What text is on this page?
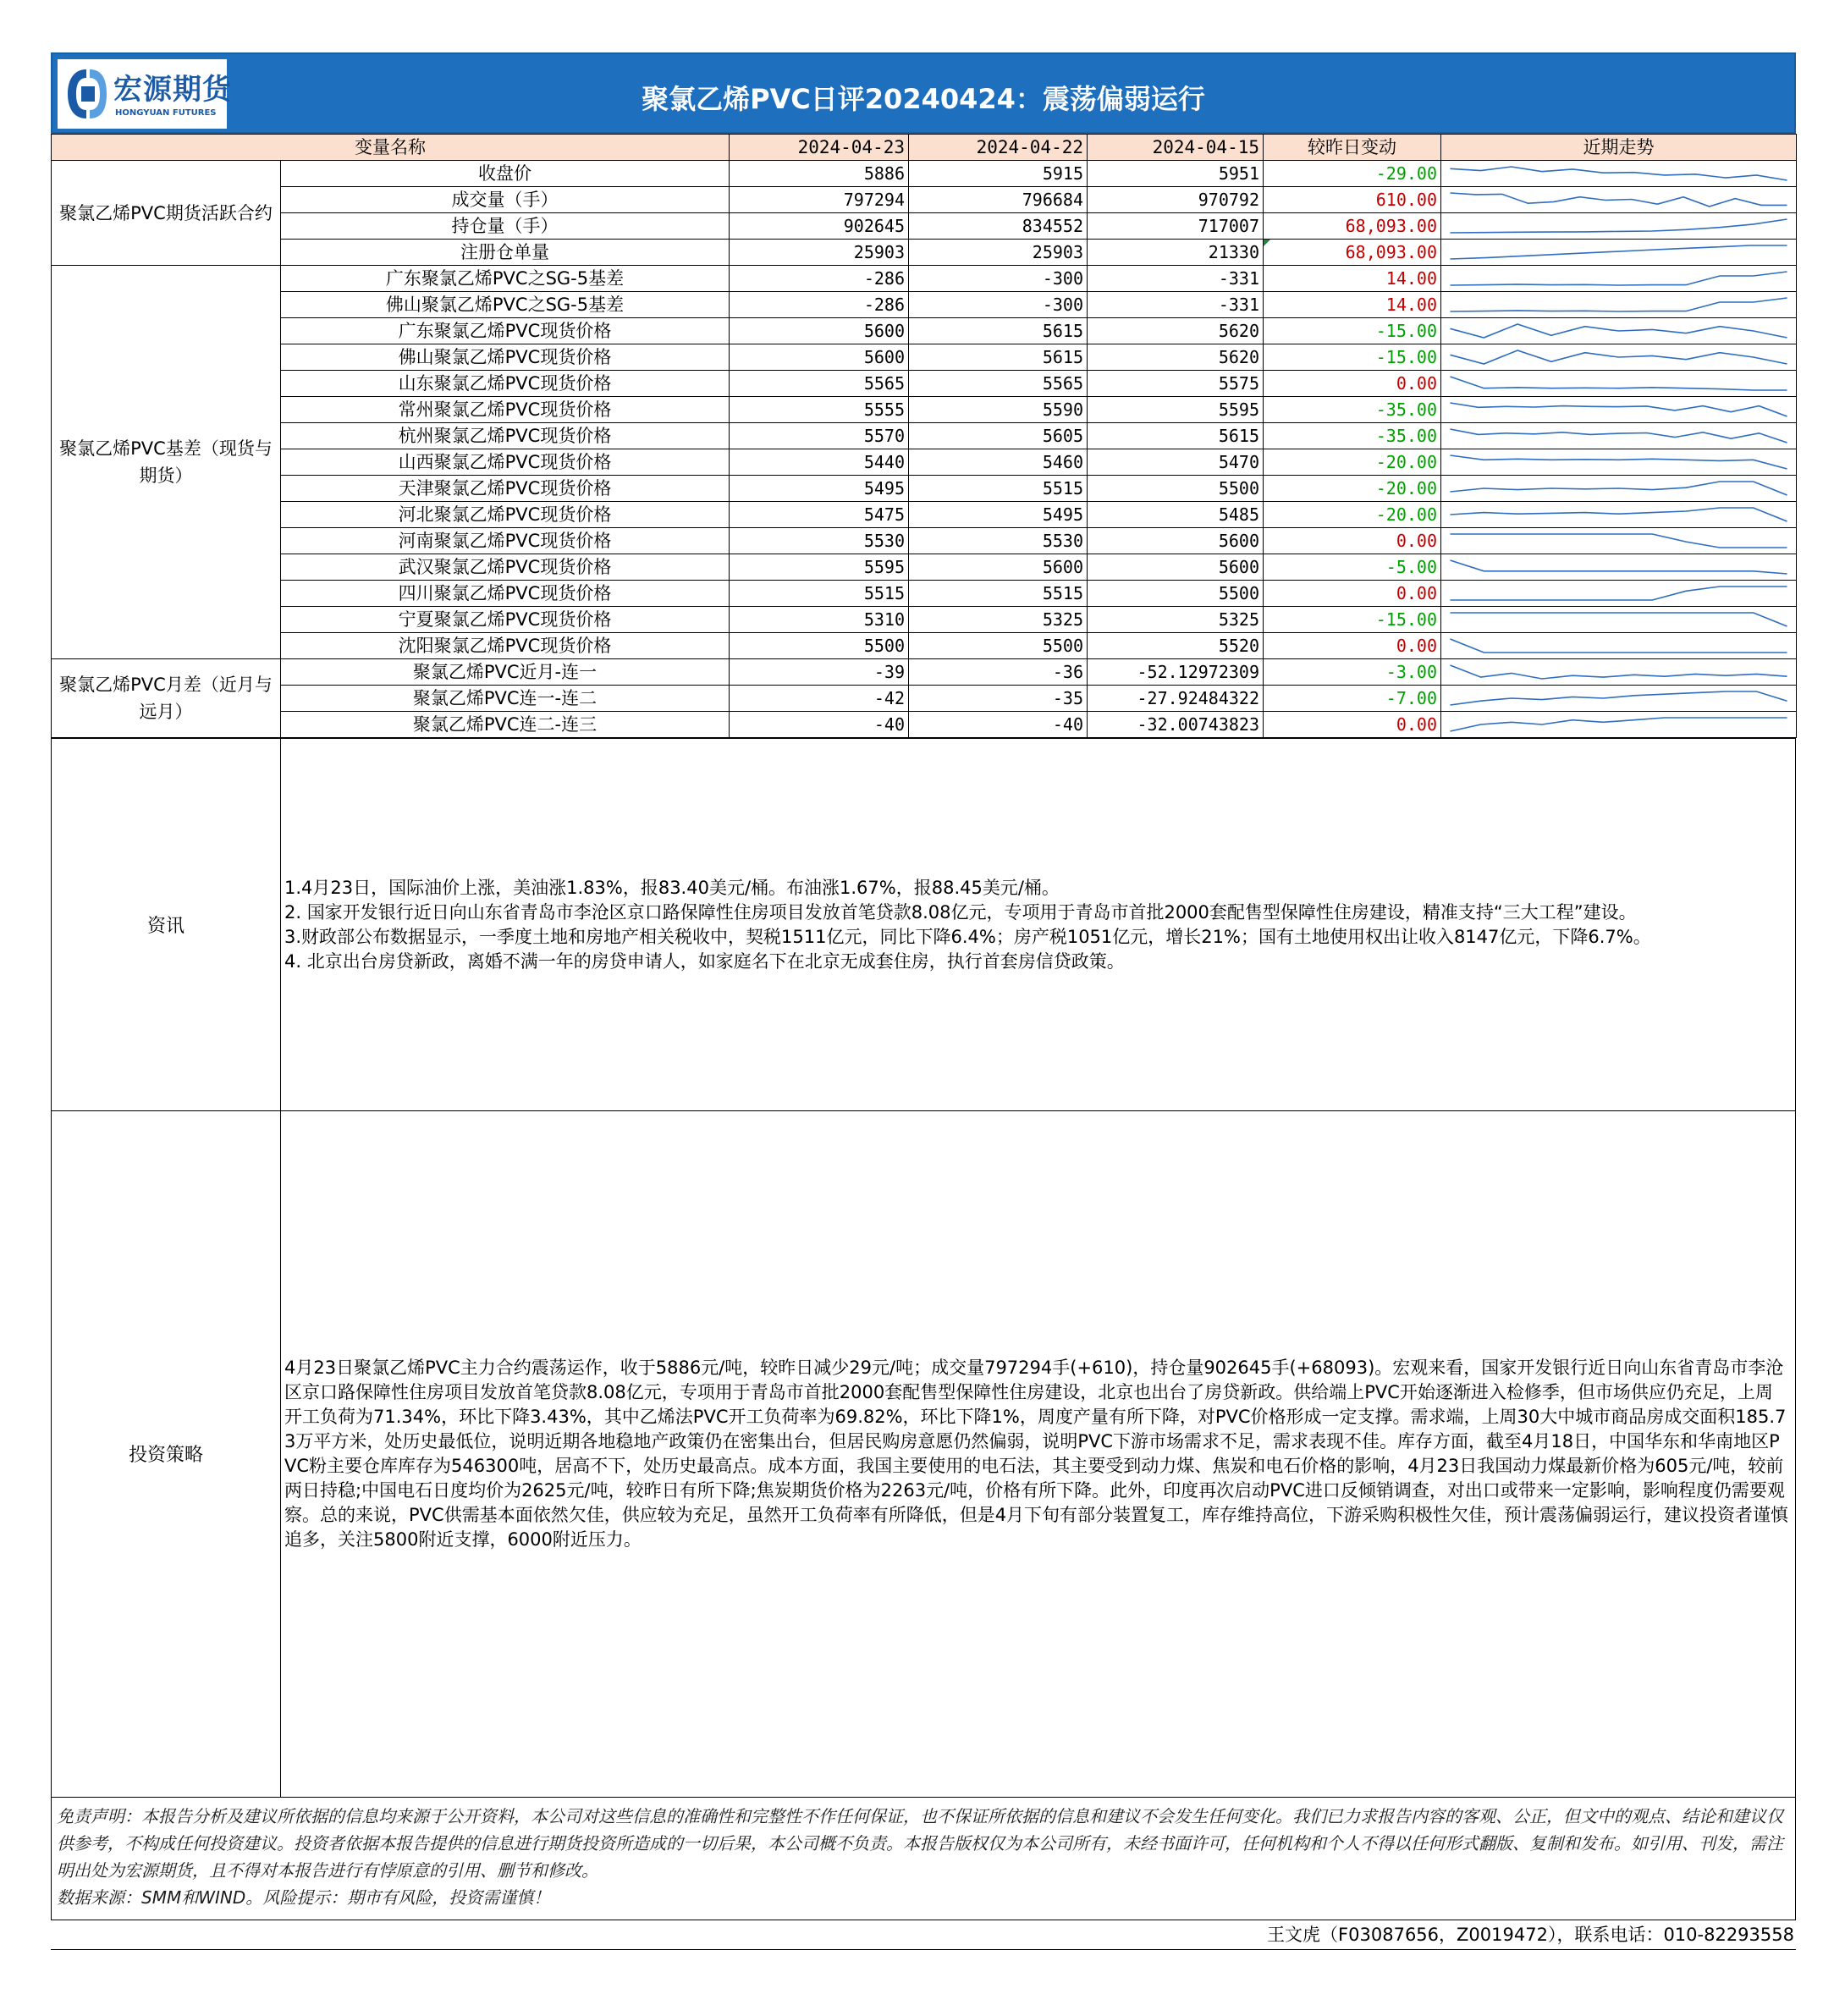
宏源期货
HONGYUAN FUTURES	聚氯乙烯PVC日评20240424：震荡偏弱运行
变量名称		2024-04-23	2024-04-22	2024-04-15	较昨日变动	近期走势
聚氯乙烯PVC期货活跃合约	收盘价	5886	5915	5951	-29.00	

	成交量（手）	797294	796684	970792	610.00	

	持仓量（手）	902645	834552	717007	68,093.00	

	注册仓单量	25903	25903	21330	68,093.00	

聚氯乙烯PVC基差（现货与期货）	广东聚氯乙烯PVC之SG-5基差	-286	-300	-331	14.00	

	佛山聚氯乙烯PVC之SG-5基差	-286	-300	-331	14.00	

	广东聚氯乙烯PVC现货价格	5600	5615	5620	-15.00	

	佛山聚氯乙烯PVC现货价格	5600	5615	5620	-15.00	

	山东聚氯乙烯PVC现货价格	5565	5565	5575	0.00	

	常州聚氯乙烯PVC现货价格	5555	5590	5595	-35.00	

	杭州聚氯乙烯PVC现货价格	5570	5605	5615	-35.00	

	山西聚氯乙烯PVC现货价格	5440	5460	5470	-20.00	

	天津聚氯乙烯PVC现货价格	5495	5515	5500	-20.00	

	河北聚氯乙烯PVC现货价格	5475	5495	5485	-20.00	

	河南聚氯乙烯PVC现货价格	5530	5530	5600	0.00	

	武汉聚氯乙烯PVC现货价格	5595	5600	5600	-5.00	

	四川聚氯乙烯PVC现货价格	5515	5515	5500	0.00	

	宁夏聚氯乙烯PVC现货价格	5310	5325	5325	-15.00	

	沈阳聚氯乙烯PVC现货价格	5500	5500	5520	0.00	

聚氯乙烯PVC月差（近月与远月）	聚氯乙烯PVC近月-连一	-39	-36	-52.12972309	-3.00	

	聚氯乙烯PVC连一-连二	-42	-35	-27.92484322	-7.00	

	聚氯乙烯PVC连二-连三	-40	-40	-32.00743823	0.00	
资讯	

1.4月23日，国际油价上涨，美油涨1.83%，报83.40美元/桶。布油涨1.67%，报88.45美元/桶。

2. 国家开发银行近日向山东省青岛市李沧区京口路保障性住房项目发放首笔贷款8.08亿元，专项用于青岛市首批2000套配售型保障性住房建设，精准支持“三大工程”建设。

3.财政部公布数据显示，一季度土地和房地产相关税收中，契税1511亿元，同比下降6.4%；房产税1051亿元，增长21%；国有土地使用权出让收入8147亿元，下降6.7%。

4. 北京出台房贷新政，离婚不满一年的房贷申请人，如家庭名下在北京无成套住房，执行首套房信贷政策。

投资策略	4月23日聚氯乙烯PVC主力合约震荡运作，收于5886元/吨，较昨日减少29元/吨；成交量797294手(+610)，持仓量902645手(+68093)。宏观来看，国家开发银行近日向山东省青岛市李沧区京口路保障性住房项目发放首笔贷款8.08亿元，专项用于青岛市首批2000套配售型保障性住房建设，北京也出台了房贷新政。供给端上PVC开始逐渐进入检修季，但市场供应仍充足，上周开工负荷为71.34%，环比下降3.43%，其中乙烯法PVC开工负荷率为69.82%，环比下降1%，周度产量有所下降，对PVC价格形成一定支撑。需求端，上周30大中城市商品房成交面积185.73万平方米，处历史最低位，说明近期各地稳地产政策仍在密集出台，但居民购房意愿仍然偏弱，说明PVC下游市场需求不足，需求表现不佳。库存方面，截至4月18日，中国华东和华南地区PVC粉主要仓库库存为546300吨，居高不下，处历史最高点。成本方面，我国主要使用的电石法，其主要受到动力煤、焦炭和电石价格的影响，4月23日我国动力煤最新价格为605元/吨，较前两日持稳;中国电石日度均价为2625元/吨，较昨日有所下降;焦炭期货价格为2263元/吨，价格有所下降。此外，印度再次启动PVC进口反倾销调查，对出口或带来一定影响，影响程度仍需要观察。总的来说，PVC供需基本面依然欠佳，供应较为充足，虽然开工负荷率有所降低，但是4月下旬有部分装置复工，库存维持高位，下游采购积极性欠佳，预计震荡偏弱运行，建议投资者谨慎追多，关注5800附近支撑，6000附近压力。
免责声明：本报告分析及建议所依据的信息均来源于公开资料，本公司对这些信息的准确性和完整性不作任何保证，也不保证所依据的信息和建议不会发生任何变化。我们已力求报告内容的客观、公正，但文中的观点、结论和建议仅供参考，不构成任何投资建议。投资者依据本报告提供的信息进行期货投资所造成的一切后果，本公司概不负责。本报告版权仅为本公司所有，未经书面许可，任何机构和个人不得以任何形式翻版、复制和发布。如引用、刊发，需注明出处为宏源期货，且不得对本报告进行有悖原意的引用、删节和修改。
数据来源：SMM和WIND。风险提示：期市有风险，投资需谨慎！
王文虎（F03087656，Z0019472），联系电话：010-82293558
